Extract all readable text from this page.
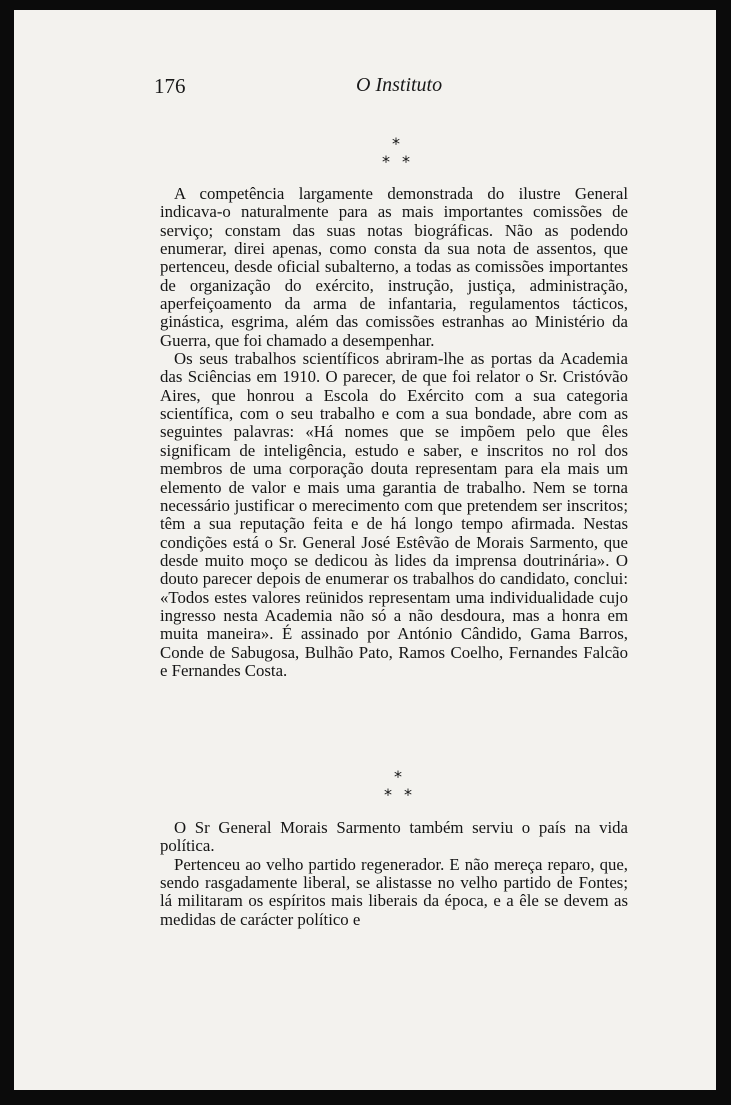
176	O Instituto
*
* *

A competência largamente demonstrada do ilustre General indicava-o naturalmente para as mais importantes comissões de serviço; constam das suas notas biográficas. Não as podendo enumerar, direi apenas, como consta da sua nota de assentos, que pertenceu, desde oficial subalterno, a todas as comissões importantes de organização do exército, instrução, justiça, administração, aperfeiçoamento da arma de infantaria, regulamentos tácticos, ginástica, esgrima, além das comissões estranhas ao Ministério da Guerra, que foi chamado a desempenhar.

Os seus trabalhos scientíficos abriram-lhe as portas da Academia das Sciências em 1910. O parecer, de que foi relator o Sr. Cristóvão Aires, que honrou a Escola do Exército com a sua categoria scientífica, com o seu trabalho e com a sua bondade, abre com as seguintes palavras: «Há nomes que se impõem pelo que êles significam de inteligência, estudo e saber, e inscritos no rol dos membros de uma corporação douta representam para ela mais um elemento de valor e mais uma garantia de trabalho. Nem se torna necessário justificar o merecimento com que pretendem ser inscritos; têm a sua reputação feita e de há longo tempo afirmada. Nestas condições está o Sr. General José Estêvão de Morais Sarmento, que desde muito moço se dedicou às lides da imprensa doutrinária». O douto parecer depois de enumerar os trabalhos do candidato, conclui: «Todos estes valores reünidos representam uma individualidade cujo ingresso nesta Academia não só a não desdoura, mas a honra em muita maneira». É assinado por António Cândido, Gama Barros, Conde de Sabugosa, Bulhão Pato, Ramos Coelho, Fernandes Falcão e Fernandes Costa.

*
* *

O Sr General Morais Sarmento também serviu o país na vida política.

Pertenceu ao velho partido regenerador. E não mereça reparo, que, sendo rasgadamente liberal, se alistasse no velho partido de Fontes; lá militaram os espíritos mais liberais da época, e a êle se devem as medidas de carácter político e
